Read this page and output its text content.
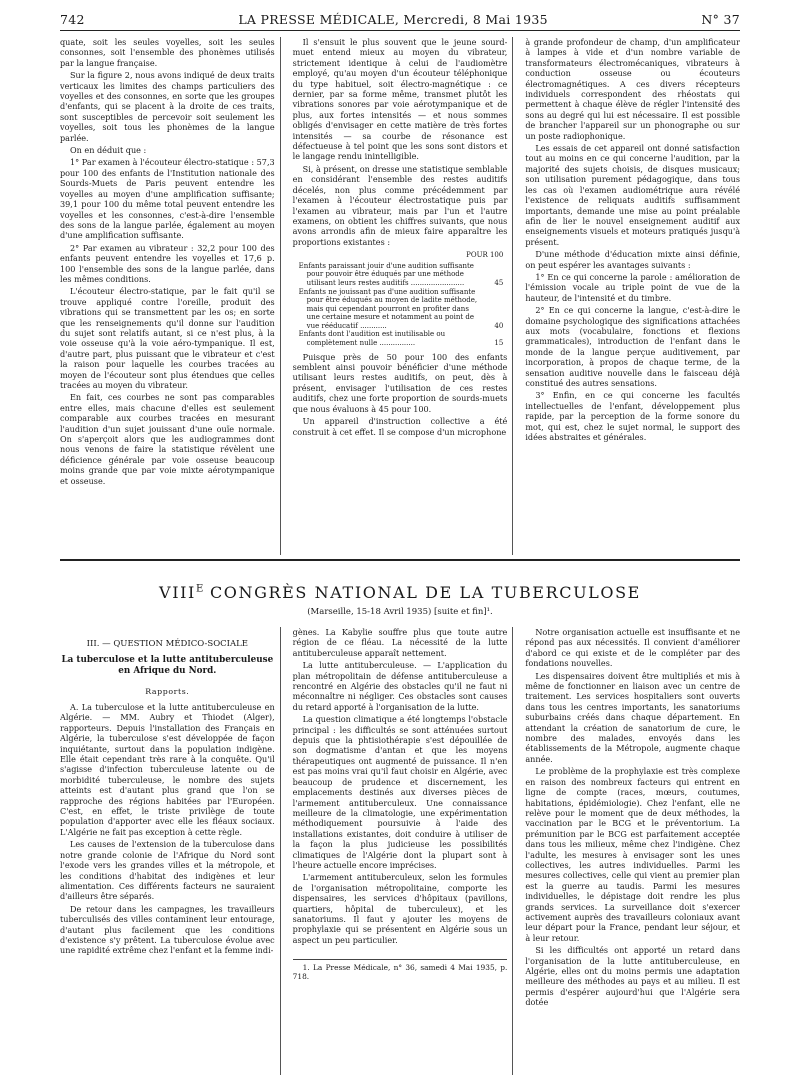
742	LA PRESSE MÉDICALE, Mercredi, 8 Mai 1935	N° 37

quate, soit les seules voyelles, soit les seules consonnes, soit l'ensemble des phonèmes utilisés par la langue française.

Sur la figure 2, nous avons indiqué de deux traits verticaux les limites des champs particuliers des voyelles et des consonnes, en sorte que les groupes d'enfants, qui se placent à la droite de ces traits, sont susceptibles de percevoir soit seulement les voyelles, soit tous les phonèmes de la langue parlée.

On en déduit que :

1° Par examen à l'écouteur électro-statique : 57,3 pour 100 des enfants de l'Institution nationale des Sourds-Muets de Paris peuvent entendre les voyelles au moyen d'une amplification suffisante; 39,1 pour 100 du même total peuvent entendre les voyelles et les consonnes, c'est-à-dire l'ensemble des sons de la langue parlée, également au moyen d'une amplification suffisante.

2° Par examen au vibrateur : 32,2 pour 100 des enfants peuvent entendre les voyelles et 17,6 p. 100 l'ensemble des sons de la langue parlée, dans les mêmes conditions.

L'écouteur électro-statique, par le fait qu'il se trouve appliqué contre l'oreille, produit des vibrations qui se transmettent par les os; en sorte que les renseignements qu'il donne sur l'audition du sujet sont relatifs autant, si ce n'est plus, à la voie osseuse qu'à la voie aéro-tympanique. Il est, d'autre part, plus puissant que le vibrateur et c'est la raison pour laquelle les courbes tracées au moyen de l'écouteur sont plus étendues que celles tracées au moyen du vibrateur.

En fait, ces courbes ne sont pas comparables entre elles, mais chacune d'elles est seulement comparable aux courbes tracées en mesurant l'audition d'un sujet jouissant d'une ouïe normale. On s'aperçoit alors que les audiogrammes dont nous venons de faire la statistique révèlent une déficience générale par voie osseuse beaucoup moins grande que par voie mixte aérotympanique et osseuse.

Il s'ensuit le plus souvent que le jeune sourd-muet entend mieux au moyen du vibrateur, strictement identique à celui de l'audiomètre employé, qu'au moyen d'un écouteur téléphonique du type habituel, soit électro-magnétique : ce dernier, par sa forme même, transmet plutôt les vibrations sonores par voie aérotympanique et de plus, aux fortes intensités — et nous sommes obligés d'envisager en cette matière de très fortes intensités — sa courbe de résonance est défectueuse à tel point que les sons sont distors et le langage rendu inintelligible.

Si, à présent, on dresse une statistique semblable en considérant l'ensemble des restes auditifs décelés, non plus comme précédemment par l'examen à l'écouteur électrostatique puis par l'examen au vibrateur, mais par l'un et l'autre examens, on obtient les chiffres suivants, que nous avons arrondis afin de mieux faire apparaître les proportions existantes :

POUR 100
Enfants paraissant jouir d'une audition suffisante pour pouvoir être éduqués par une méthode utilisant leurs restes auditifs ........................	45
Enfants ne jouissant pas d'une audition suffisante pour être éduqués au moyen de ladite méthode, mais qui cependant pourront en profiter dans une certaine mesure et notamment au point de vue rééducatif ............	40
Enfants dont l'audition est inutilisable ou complètement nulle ................	15

Puisque près de 50 pour 100 des enfants semblent ainsi pouvoir bénéficier d'une méthode utilisant leurs restes auditifs, on peut, dès à présent, envisager l'utilisation de ces restes auditifs, chez une forte proportion de sourds-muets que nous évaluons à 45 pour 100.

Un appareil d'instruction collective a été construit à cet effet. Il se compose d'un microphone

à grande profondeur de champ, d'un amplificateur à lampes à vide et d'un nombre variable de transformateurs électromécaniques, vibrateurs à conduction osseuse ou écouteurs électromagnétiques. A ces divers récepteurs individuels correspondent des rhéostats qui permettent à chaque élève de régler l'intensité des sons au degré qui lui est nécessaire. Il est possible de brancher l'appareil sur un phonographe ou sur un poste radiophonique.

Les essais de cet appareil ont donné satisfaction tout au moins en ce qui concerne l'audition, par la majorité des sujets choisis, de disques musicaux; son utilisation purement pédagogique, dans tous les cas où l'examen audiométrique aura révélé l'existence de reliquats auditifs suffisamment importants, demande une mise au point préalable afin de lier le nouvel enseignement auditif aux enseignements visuels et moteurs pratiqués jusqu'à présent.

D'une méthode d'éducation mixte ainsi définie, on peut espérer les avantages suivants :

1° En ce qui concerne la parole : amélioration de l'émission vocale au triple point de vue de la hauteur, de l'intensité et du timbre.

2° En ce qui concerne la langue, c'est-à-dire le domaine psychologique des significations attachées aux mots (vocabulaire, fonctions et flexions grammaticales), introduction de l'enfant dans le monde de la langue perçue auditivement, par incorporation, à propos de chaque terme, de la sensation auditive nouvelle dans le faisceau déjà constitué des autres sensations.

3° Enfin, en ce qui concerne les facultés intellectuelles de l'enfant, développement plus rapide, par la perception de la forme sonore du mot, qui est, chez le sujet normal, le support des idées abstraites et générales.

$VIII^E$ CONGRÈS NATIONAL DE LA TUBERCULOSE
(Marseille, 15-18 Avril 1935) [suite et fin]¹.
III. — QUESTION MÉDICO-SOCIALE
La tuberculose et la lutte antituberculeuse en Afrique du Nord.
Rapports.

A. La tuberculose et la lutte antituberculeuse en Algérie. — MM. Aubry et Thiodet (Alger), rapporteurs. Depuis l'installation des Français en Algérie, la tuberculose s'est développée de façon inquiétante, surtout dans la population indigène. Elle était cependant très rare à la conquête. Qu'il s'agisse d'infection tuberculeuse latente ou de morbidité tuberculeuse, le nombre des sujets atteints est d'autant plus grand que l'on se rapproche des régions habitées par l'Européen. C'est, en effet, le triste privilège de toute population d'apporter avec elle les fléaux sociaux. L'Algérie ne fait pas exception à cette règle.

Les causes de l'extension de la tuberculose dans notre grande colonie de l'Afrique du Nord sont l'exode vers les grandes villes et la métropole, et les conditions d'habitat des indigènes et leur alimentation. Ces différents facteurs ne sauraient d'ailleurs être séparés.

De retour dans les campagnes, les travailleurs tuberculisés des villes contaminent leur entourage, d'autant plus facilement que les conditions d'existence s'y prêtent. La tuberculose évolue avec une rapidité extrême chez l'enfant et la femme indi-

gènes. La Kabylie souffre plus que toute autre région de ce fléau. La nécessité de la lutte antituberculeuse apparaît nettement.

La lutte antituberculeuse. — L'application du plan métropolitain de défense antituberculeuse a rencontré en Algérie des obstacles qu'il ne faut ni méconnaître ni négliger. Ces obstacles sont causes du retard apporté à l'organisation de la lutte.

La question climatique a été longtemps l'obstacle principal : les difficultés se sont atténuées surtout depuis que la phtisiothérapie s'est dépouillée de son dogmatisme d'antan et que les moyens thérapeutiques ont augmenté de puissance. Il n'en est pas moins vrai qu'il faut choisir en Algérie, avec beaucoup de prudence et discernement, les emplacements destinés aux diverses pièces de l'armement antituberculeux. Une connaissance meilleure de la climatologie, une expérimentation méthodiquement poursuivie à l'aide des installations existantes, doit conduire à utiliser de la façon la plus judicieuse les possibilités climatiques de l'Algérie dont la plupart sont à l'heure actuelle encore imprécises.

L'armement antituberculeux, selon les formules de l'organisation métropolitaine, comporte les dispensaires, les services d'hôpitaux (pavillons, quartiers, hôpital de tuberculeux), et les sanatoriums. Il faut y ajouter les moyens de prophylaxie qui se présentent en Algérie sous un aspect un peu particulier.

1. La Presse Médicale, n° 36, samedi 4 Mai 1935, p. 718.

Notre organisation actuelle est insuffisante et ne répond pas aux nécessités. Il convient d'améliorer d'abord ce qui existe et de le compléter par des fondations nouvelles.

Les dispensaires doivent être multipliés et mis à même de fonctionner en liaison avec un centre de traitement. Les services hospitaliers sont ouverts dans tous les centres importants, les sanatoriums suburbains créés dans chaque département. En attendant la création de sanatorium de cure, le nombre des malades, envoyés dans les établissements de la Métropole, augmente chaque année.

Le problème de la prophylaxie est très complexe en raison des nombreux facteurs qui entrent en ligne de compte (races, mœurs, coutumes, habitations, épidémiologie). Chez l'enfant, elle ne relève pour le moment que de deux méthodes, la vaccination par le BCG et le préventorium. La prémunition par le BCG est parfaitement acceptée dans tous les milieux, même chez l'indigène. Chez l'adulte, les mesures à envisager sont les unes collectives, les autres individuelles. Parmi les mesures collectives, celle qui vient au premier plan est la guerre au taudis. Parmi les mesures individuelles, le dépistage doit rendre les plus grands services. La surveillance doit s'exercer activement auprès des travailleurs coloniaux avant leur départ pour la France, pendant leur séjour, et à leur retour.

Si les difficultés ont apporté un retard dans l'organisation de la lutte antituberculeuse, en Algérie, elles ont du moins permis une adaptation meilleure des méthodes au pays et au milieu. Il est permis d'espérer aujourd'hui que l'Algérie sera dotée
